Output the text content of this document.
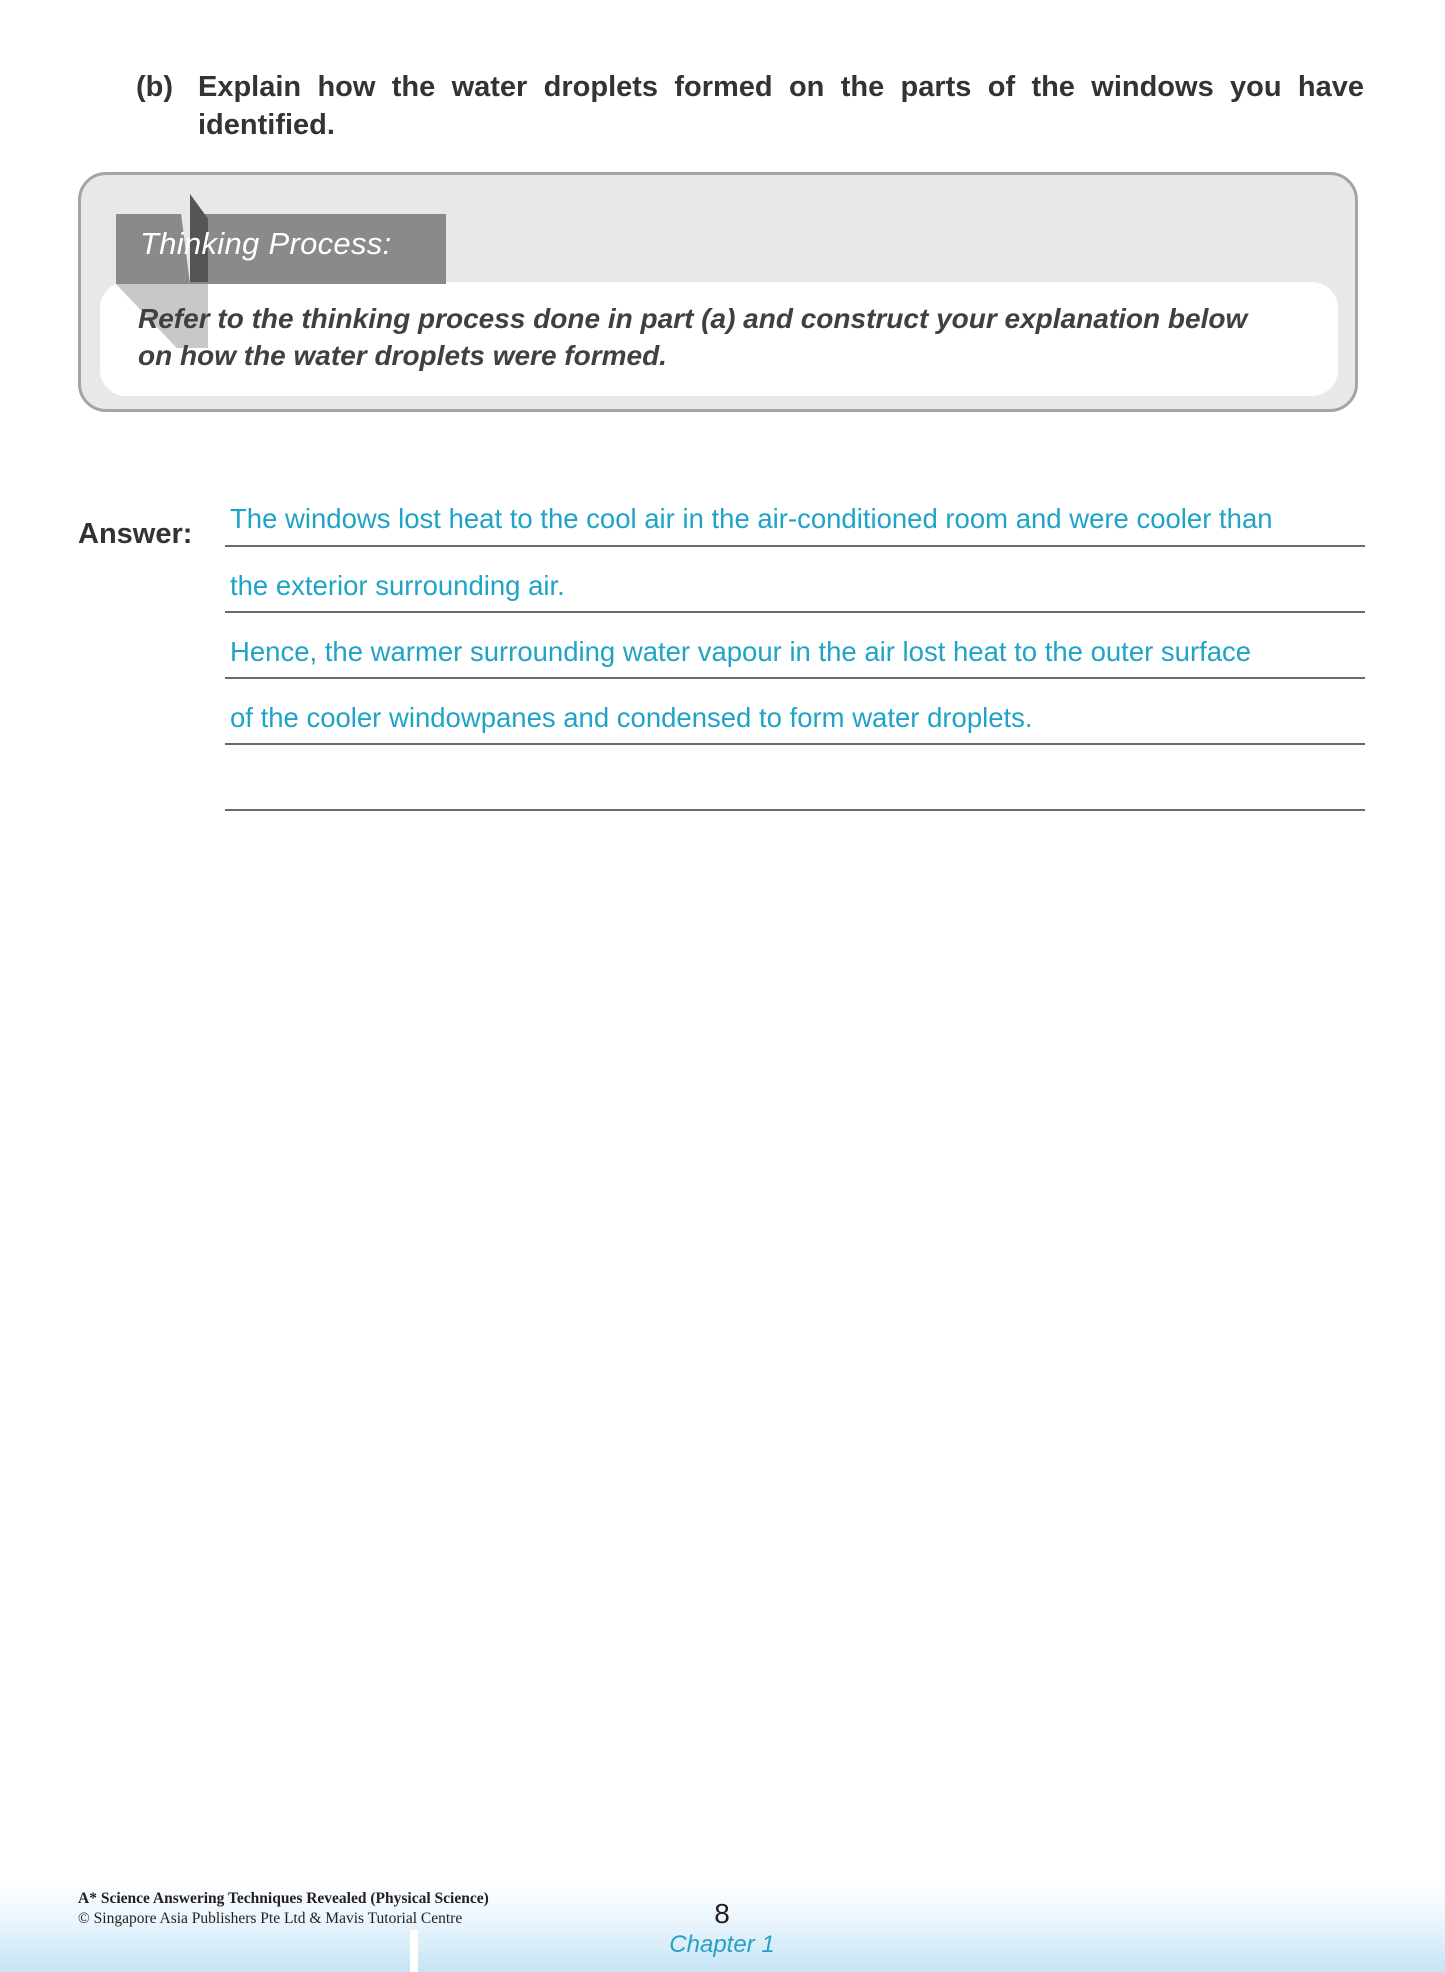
(b) Explain how the water droplets formed on the parts of the windows you have identified.
Thinking Process:
Refer to the thinking process done in part (a) and construct your explanation below
on how the water droplets were formed.
Answer: The windows lost heat to the cool air in the air-conditioned room and were cooler than
the exterior surrounding air.
Hence, the warmer surrounding water vapour in the air lost heat to the outer surface
of the cooler windowpanes and condensed to form water droplets.
A* Science Answering Techniques Revealed (Physical Science)
© Singapore Asia Publishers Pte Ltd & Mavis Tutorial Centre	8
Chapter 1
